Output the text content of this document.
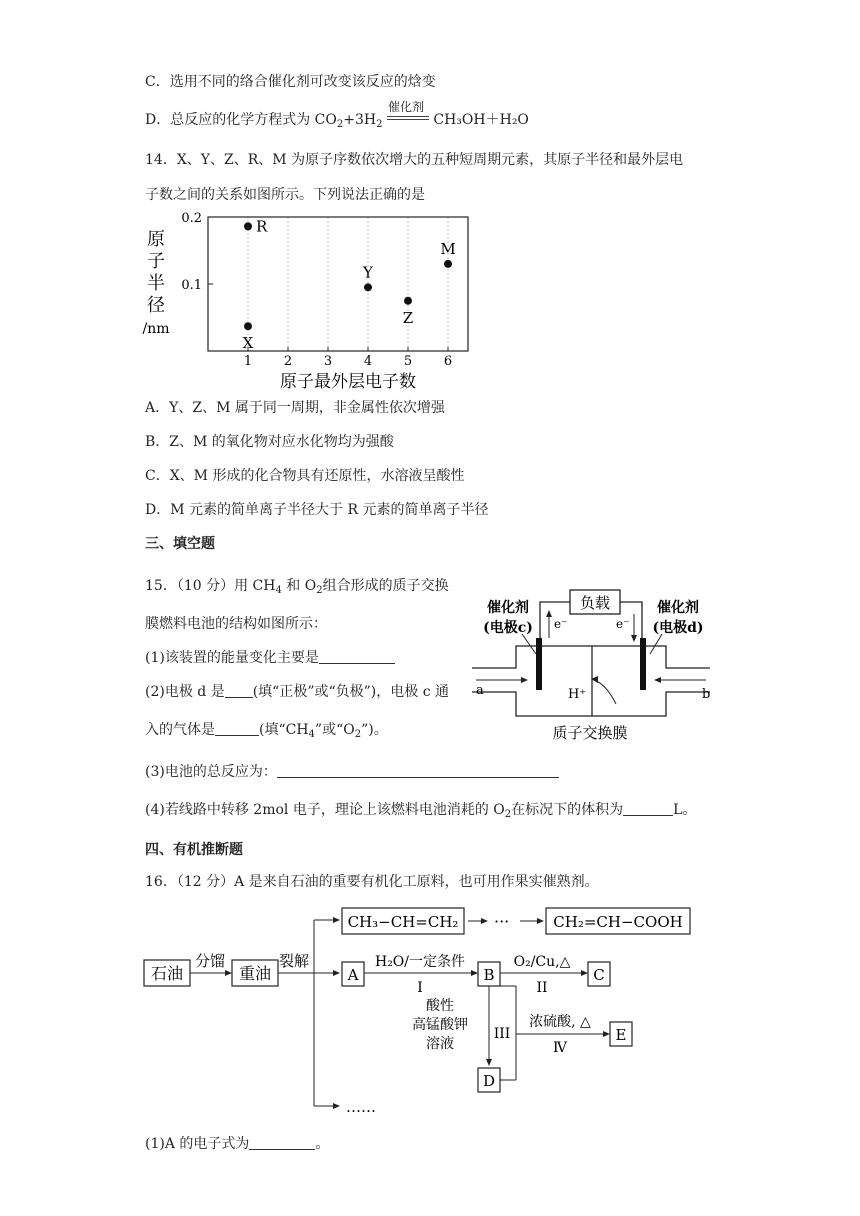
C．选用不同的络合催化剂可改变该反应的焓变
D．总反应的化学方程式为 $CO_2+3H_2$
催化剂
CH₃OH＋H₂O
14．X、Y、Z、R、M 为原子序数依次增大的五种短周期元素，其原子半径和最外层电
子数之间的关系如图所示。下列说法正确的是
1 2 3 4 5 6
0.1
0.2
原
子
半
径
/nm
R
X
Y
Z
M
原子最外层电子数
A．Y、Z、M 属于同一周期，非金属性依次增强
B．Z、M 的氧化物对应水化物均为强酸
C．X、M 形成的化合物具有还原性，水溶液呈酸性
D．M 元素的简单离子半径大于 R 元素的简单离子半径
三、填空题
15．（10 分）用 $CH_4$ 和 $O_2$组合形成的质子交换
膜燃料电池的结构如图所示：
(1)该装置的能量变化主要是
(2)电极 d 是 (填“正极”或“负极”)，电极 c 通
入的气体是	(填“$CH_4$”或“$O_2$”)。
(3)电池的总反应为：
(4)若线路中转移 2mol 电子，理论上该燃料电池消耗的 $O_2$在标况下的体积为	L。
负载
e⁻	e⁻
催化剂
(电极c)
催化剂
(电极d)
a	b
H⁺
质子交换膜
四、有机推断题
16．（12 分）A 是来自石油的重要有机化工原料，也可用作果实催熟剂。
石油
分馏
重油
裂解
……
CH₃−CH=CH₂ ···	CH₂=CH−COOH
A
H₂O/一定条件
I
B
O₂/Cu,△
II
C
酸性
高锰酸钾
溶液
III
D
浓硫酸, △
Ⅳ
E
(1)A 的电子式为	。
